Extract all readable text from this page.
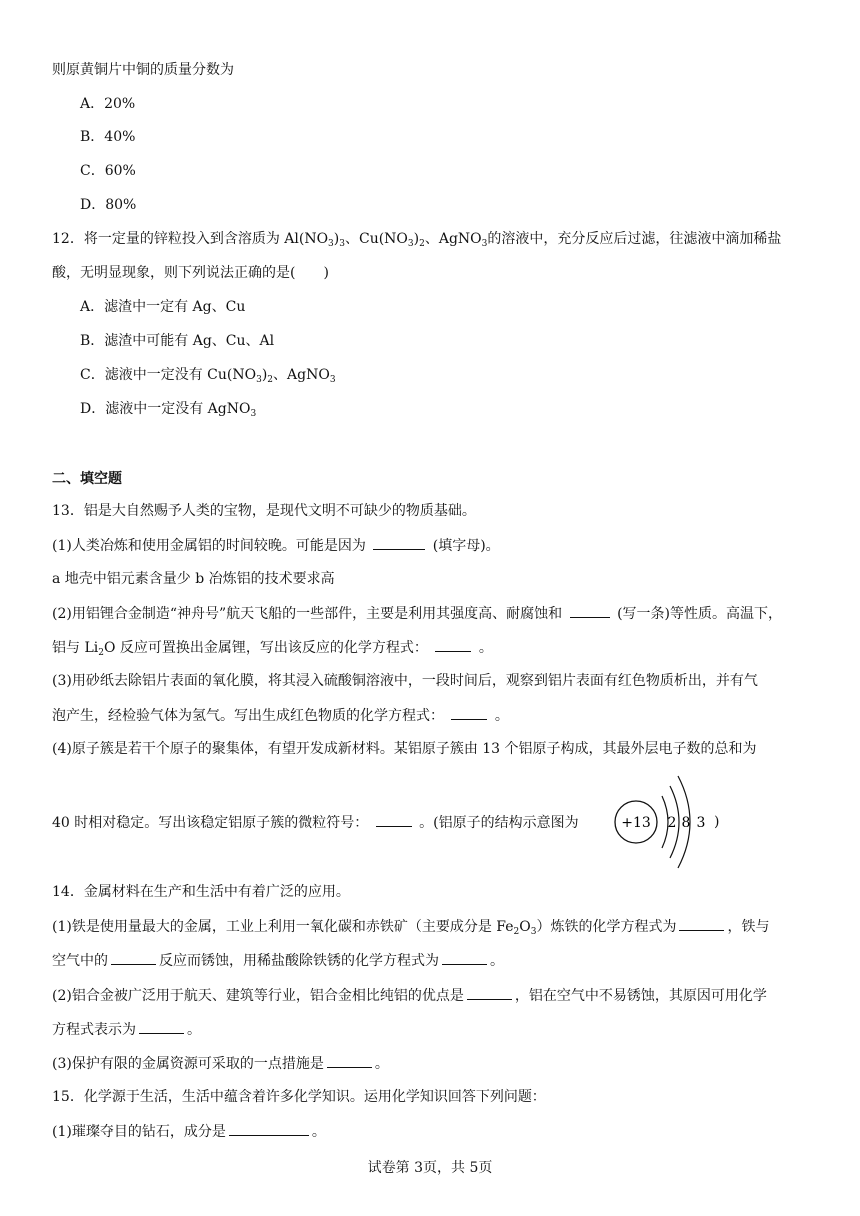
则原黄铜片中铜的质量分数为
A．20%
B．40%
C．60%
D．80%
12．将一定量的锌粒投入到含溶质为 $Al(NO_3)_3$、$Cu(NO_3)_2$、AgNO$_3$的溶液中，充分反应后过滤，往滤液中滴加稀盐
酸，无明显现象，则下列说法正确的是(　　)
A．滤渣中一定有 Ag、Cu
B．滤渣中可能有 Ag、Cu、Al
C．滤液中一定没有 $Cu(NO_3)_2$、AgNO$_3$
D．滤液中一定没有 AgNO$_3$
二、填空题
13．铝是大自然赐予人类的宝物，是现代文明不可缺少的物质基础。
(1)人类冶炼和使用金属铝的时间较晚。可能是因为	(填字母)。
a 地壳中铝元素含量少 b 冶炼铝的技术要求高
(2)用铝锂合金制造“神舟号”航天飞船的一些部件，主要是利用其强度高、耐腐蚀和	(写一条)等性质。高温下，
铝与 $Li_2O$ 反应可置换出金属锂，写出该反应的化学方程式：	。
(3)用砂纸去除铝片表面的氧化膜，将其浸入硫酸铜溶液中，一段时间后，观察到铝片表面有红色物质析出，并有气
泡产生，经检验气体为氢气。写出生成红色物质的化学方程式：	。
(4)原子簇是若干个原子的聚集体，有望开发成新材料。某铝原子簇由 13 个铝原子构成，其最外层电子数的总和为
40 时相对稳定。写出该稳定铝原子簇的微粒符号：	。(铝原子的结构示意图为	)
+13 2 8 3
14．金属材料在生产和生活中有着广泛的应用。
(1)铁是使用量最大的金属，工业上利用一氧化碳和赤铁矿（主要成分是 $Fe_2O_3$）炼铁的化学方程式为	，铁与
空气中的	反应而锈蚀，用稀盐酸除铁锈的化学方程式为	。
(2)铝合金被广泛用于航天、建筑等行业，铝合金相比纯铝的优点是	，铝在空气中不易锈蚀，其原因可用化学
方程式表示为	。
(3)保护有限的金属资源可采取的一点措施是	。
15．化学源于生活，生活中蕴含着许多化学知识。运用化学知识回答下列问题：
(1)璀璨夺目的钻石，成分是	。
试卷第 3页，共 5页
